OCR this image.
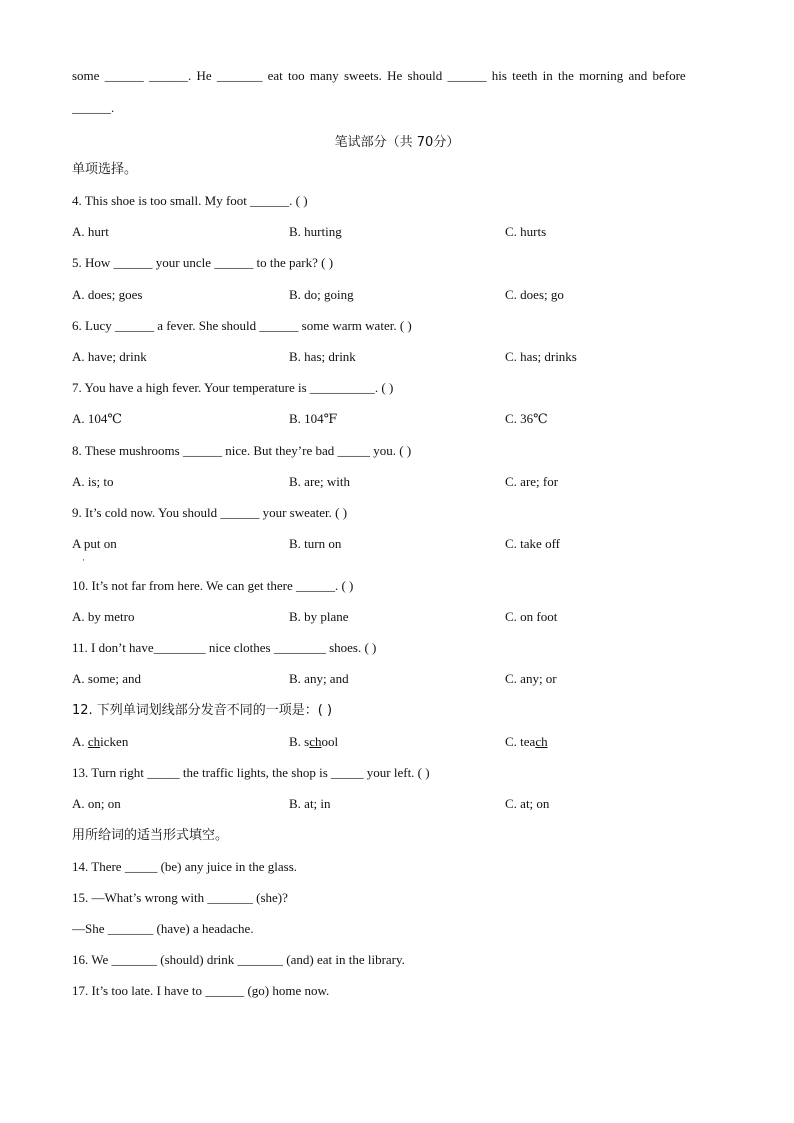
some ______ ______. He _______ eat too many sweets. He should ______ his teeth in the morning and before
______.
笔试部分（共 70分）
单项选择。
4. This shoe is too small. My foot ______. ( )
A. hurt	B. hurting	C. hurts
5. How ______ your uncle ______ to the park? ( )
A. does; goes	B. do; going	C. does; go
6. Lucy ______ a fever. She should ______ some warm water. ( )
A. have; drink	B. has; drink	C. has; drinks
7. You have a high fever. Your temperature is __________. ( )
A. 104℃	B. 104℉	C. 36℃
8. These mushrooms ______ nice. But they’re bad _____ you. ( )
A. is; to	B. are; with	C. are; for
9. It’s cold now. You should ______ your sweater. ( )
A put on	B. turn on	C. take off
·
10. It’s not far from here. We can get there ______. ( )
A. by metro	B. by plane	C. on foot
11. I don’t have________ nice clothes ________ shoes. ( )
A. some; and	B. any; and	C. any; or
12. 下列单词划线部分发音不同的一项是：( )
A. chicken	B. school	C. teach
13. Turn right _____ the traffic lights, the shop is _____ your left. ( )
A. on; on	B. at; in	C. at; on
用所给词的适当形式填空。
14. There _____ (be) any juice in the glass.
15. —What’s wrong with _______ (she)?
—She _______ (have) a headache.
16. We _______ (should) drink _______ (and) eat in the library.
17. It’s too late. I have to ______ (go) home now.
